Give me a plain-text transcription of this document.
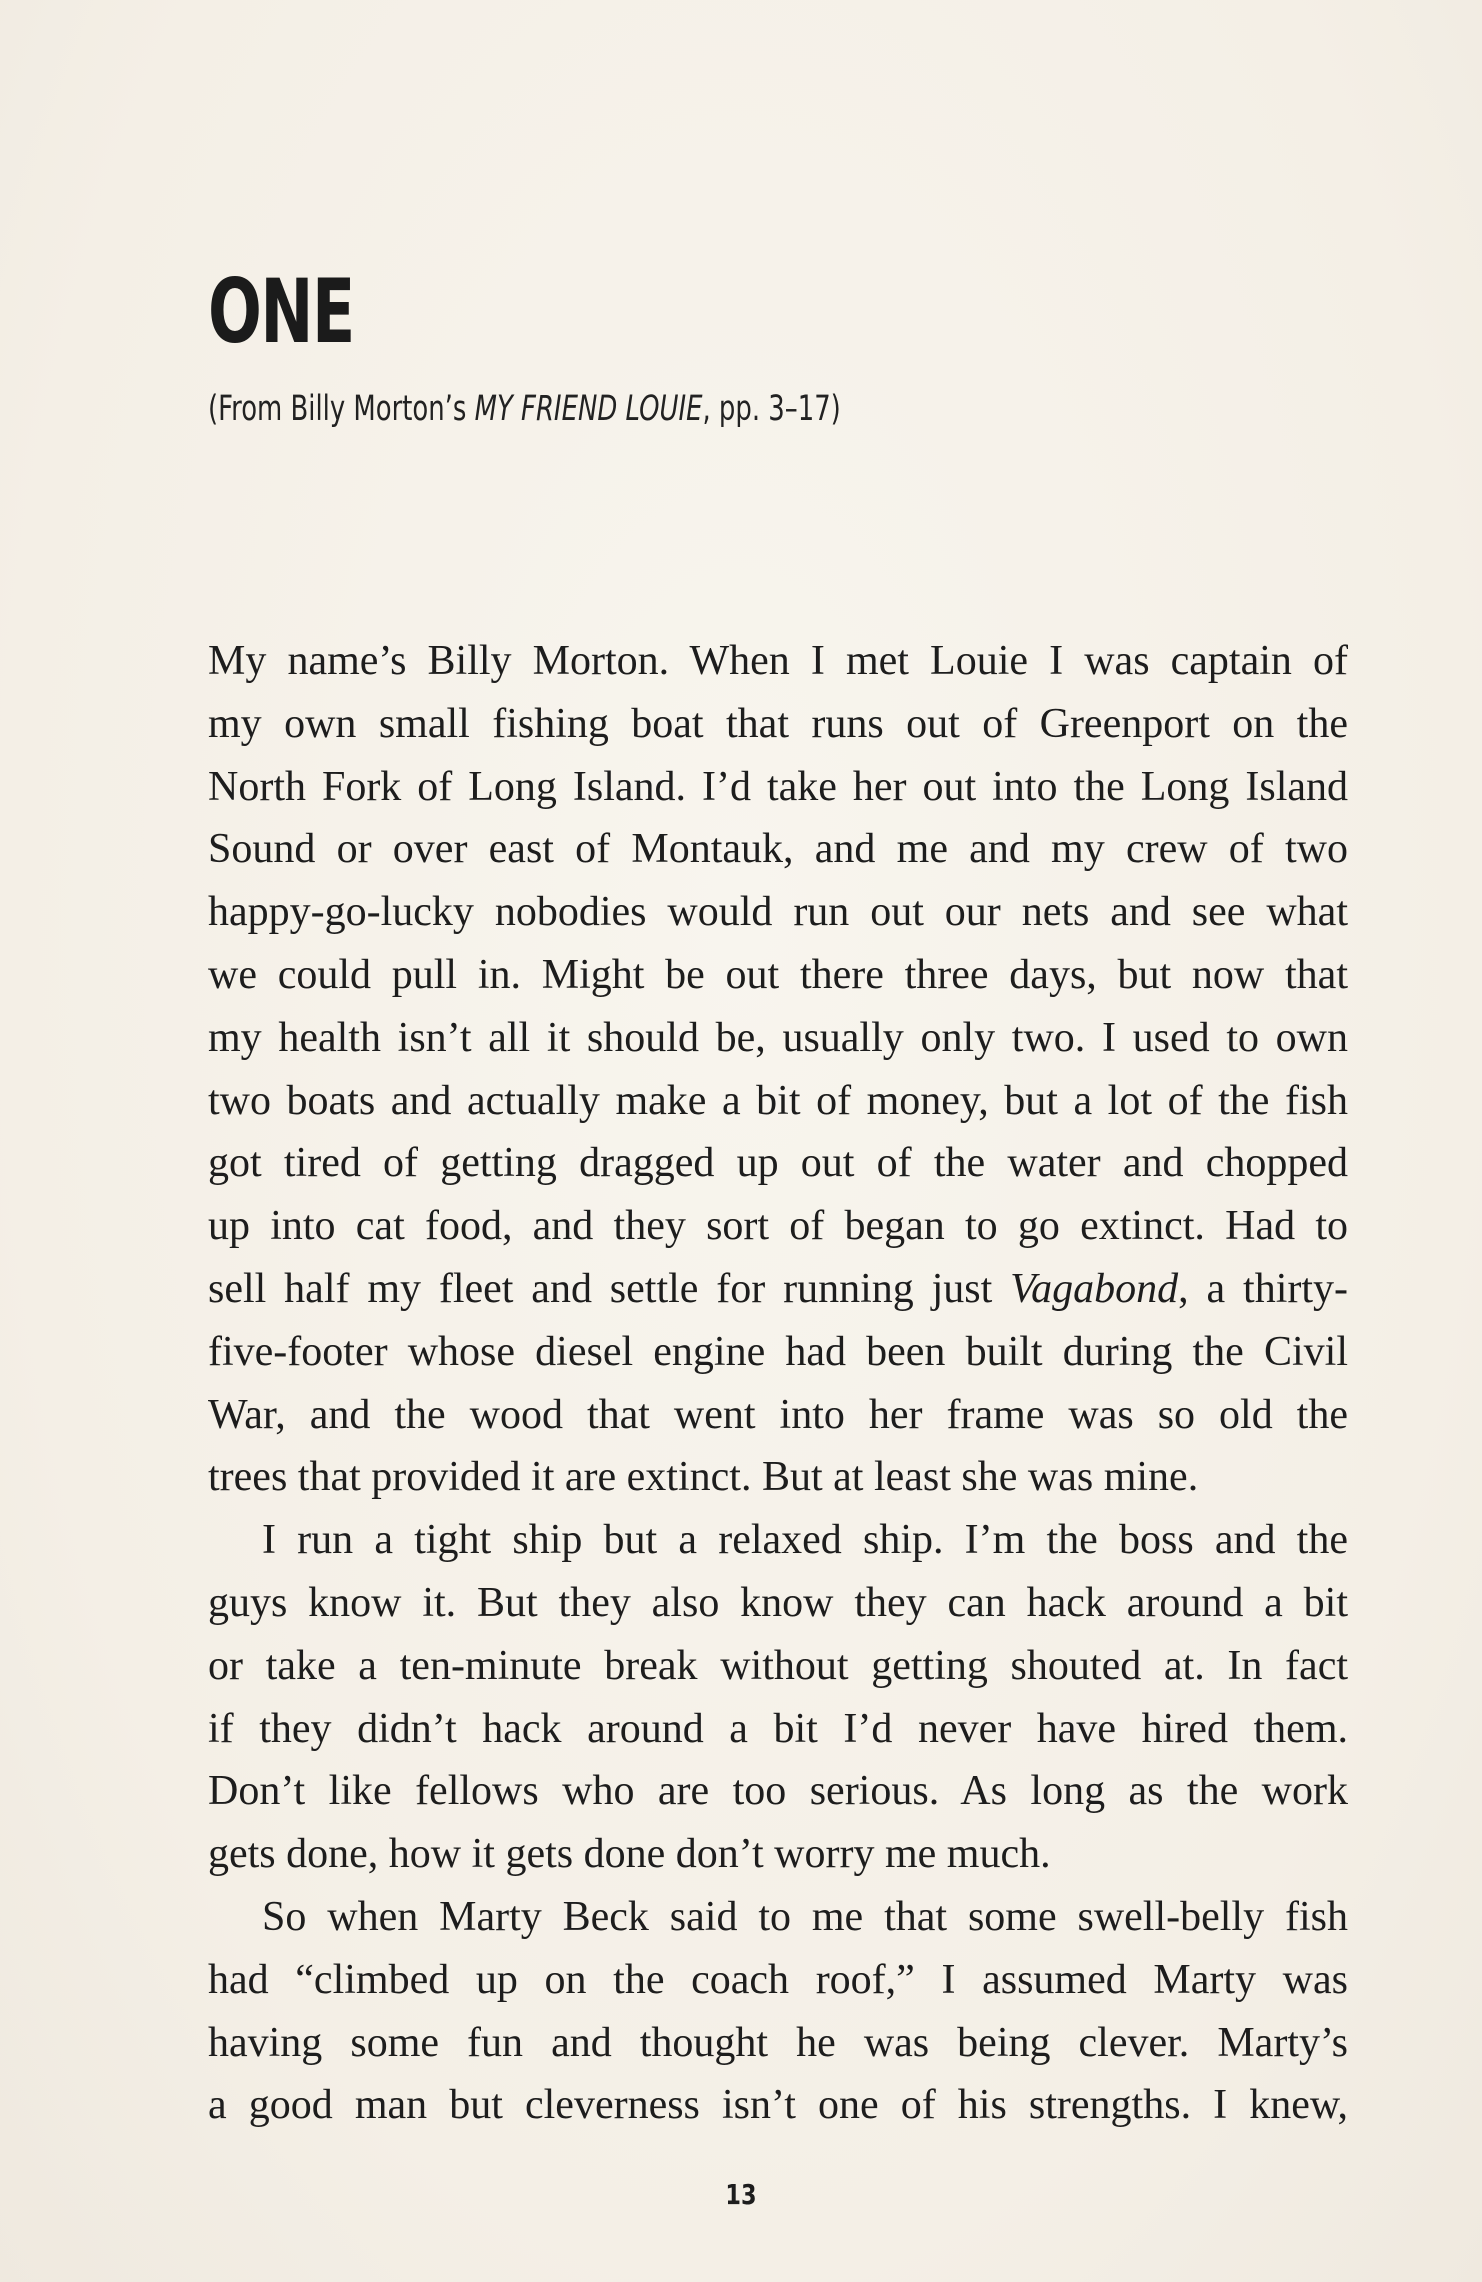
ONE
(From Billy Morton’s MY FRIEND LOUIE, pp. 3–17)
My name’s Billy Morton. When I met Louie I was captain of
my own small fishing boat that runs out of Greenport on the
North Fork of Long Island. I’d take her out into the Long Island
Sound or over east of Montauk, and me and my crew of two
happy-go-lucky nobodies would run out our nets and see what
we could pull in. Might be out there three days, but now that
my health isn’t all it should be, usually only two. I used to own
two boats and actually make a bit of money, but a lot of the fish
got tired of getting dragged up out of the water and chopped
up into cat food, and they sort of began to go extinct. Had to
sell half my fleet and settle for running just Vagabond, a thirty-
five-footer whose diesel engine had been built during the Civil
War, and the wood that went into her frame was so old the
trees that provided it are extinct. But at least she was mine.
I run a tight ship but a relaxed ship. I’m the boss and the
guys know it. But they also know they can hack around a bit
or take a ten-minute break without getting shouted at. In fact
if they didn’t hack around a bit I’d never have hired them.
Don’t like fellows who are too serious. As long as the work
gets done, how it gets done don’t worry me much.
So when Marty Beck said to me that some swell-belly fish
had “climbed up on the coach roof,” I assumed Marty was
having some fun and thought he was being clever. Marty’s
a good man but cleverness isn’t one of his strengths. I knew,
13
